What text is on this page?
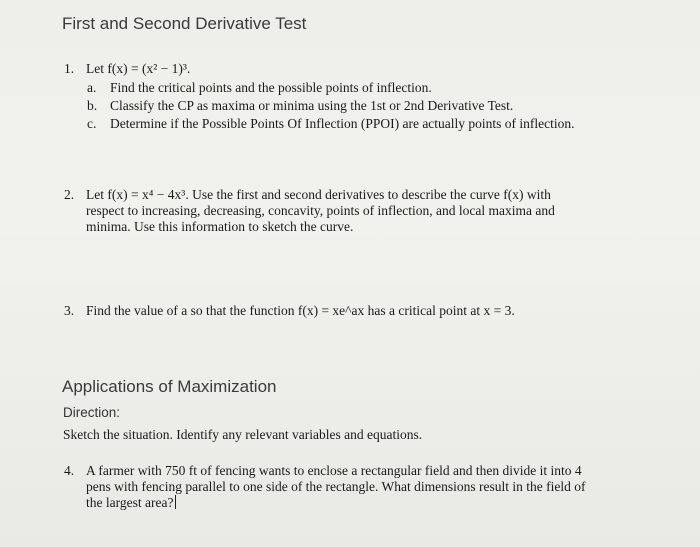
First and Second Derivative Test
1. Let f(x) = (x² − 1)³.
a. Find the critical points and the possible points of inflection.
b. Classify the CP as maxima or minima using the 1st or 2nd Derivative Test.
c. Determine if the Possible Points Of Inflection (PPOI) are actually points of inflection.
2. Let f(x) = x⁴ − 4x³. Use the first and second derivatives to describe the curve f(x) with
respect to increasing, decreasing, concavity, points of inflection, and local maxima and
minima. Use this information to sketch the curve.
3. Find the value of a so that the function f(x) = xe^ax has a critical point at x = 3.
Applications of Maximization
Direction:
Sketch the situation. Identify any relevant variables and equations.
4. A farmer with 750 ft of fencing wants to enclose a rectangular field and then divide it into 4
pens with fencing parallel to one side of the rectangle. What dimensions result in the field of
the largest area?
